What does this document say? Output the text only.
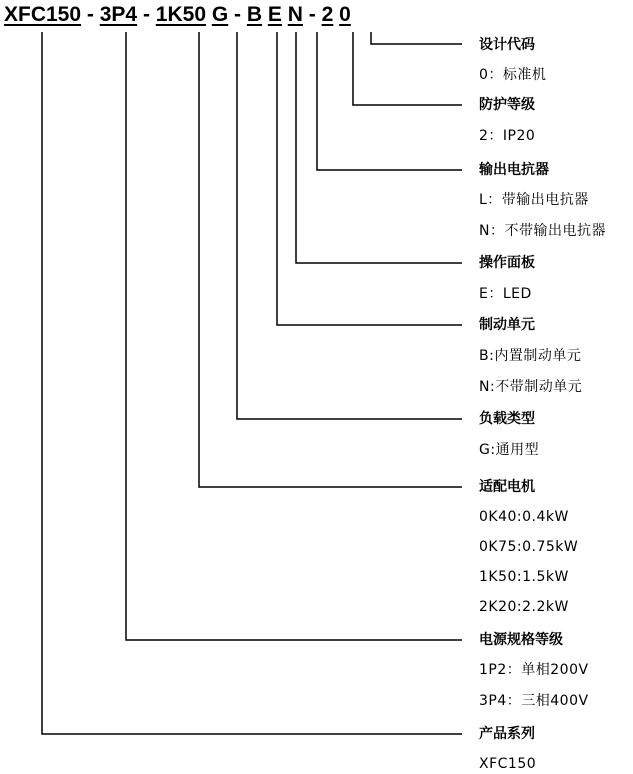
XFC150 - 3P4 - 1K50 G - B E N - 2 0
设计代码
0：标准机
防护等级
2：IP20
输出电抗器
L：带输出电抗器
N：不带输出电抗器
操作面板
E：LED
制动单元
B:内置制动单元
N:不带制动单元
负载类型
G:通用型
适配电机
0K40:0.4kW
0K75:0.75kW
1K50:1.5kW
2K20:2.2kW
电源规格等级
1P2：单相200V
3P4：三相400V
产品系列
XFC150
